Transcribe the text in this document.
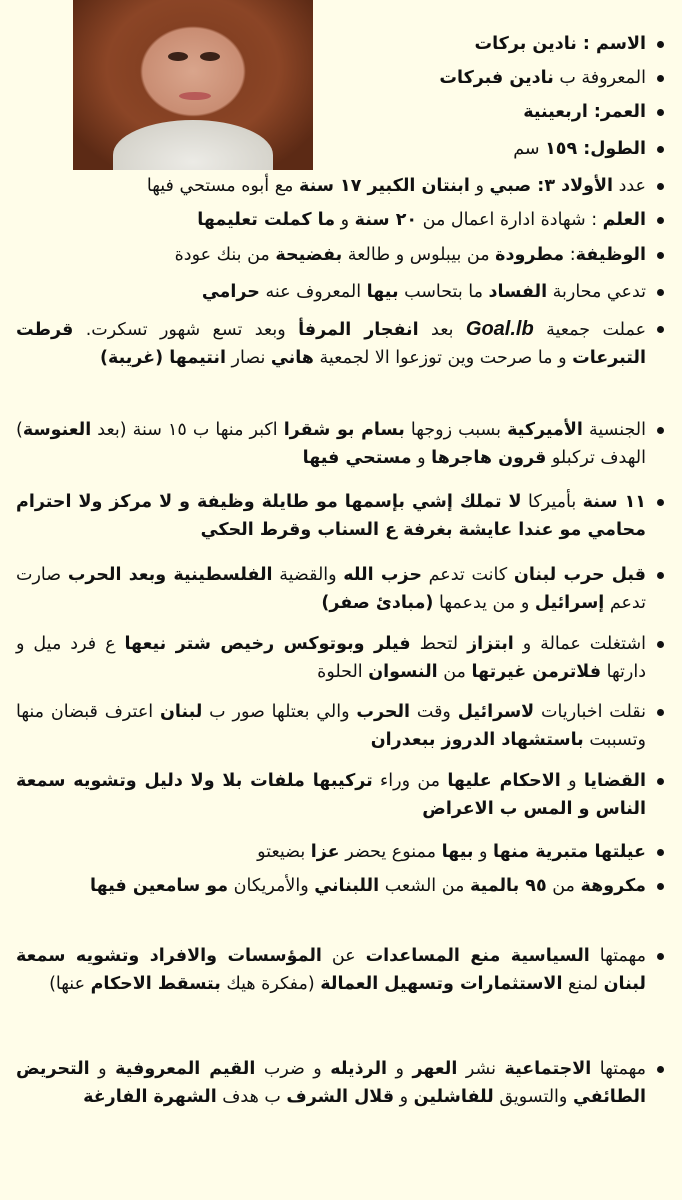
الاسم : نادين بركات
المعروفة ب نادين فبركات
العمر: اربعينية
الطول: ١٥٩ سم
عدد الأولاد ٣: صبي و ابنتان الكبير ١٧ سنة مع أبوه مستحي فيها
العلم : شهادة ادارة اعمال من ٢٠ سنة و ما كملت تعليمها
الوظيفة: مطرودة من بيبلوس و طالعة بفضيحة من بنك عودة
تدعي محاربة الفساد ما بتحاسب بيها المعروف عنه حرامي
عملت جمعية Goal.lb بعد انفجار المرفأ وبعد تسع شهور تسكرت. قرطت التبرعات و ما صرحت وين توزعوا الا لجمعية هاني نصار انتيمها (غريبة)
الجنسية الأميركية بسبب زوجها بسام بو شقرا اكبر منها ب ١٥ سنة (بعد العنوسة) الهدف تركبلو قرون هاجرها و مستحي فيها
١١ سنة بأميركا لا تملك إشي بإسمها مو طايلة وظيفة و لا مركز ولا احترام محامي مو عندا عايشة بغرفة ع السناب وقرط الحكي
قبل حرب لبنان كانت تدعم حزب الله والقضية الفلسطينية وبعد الحرب صارت تدعم إسرائيل و من يدعمها (مبادئ صفر)
اشتغلت عمالة و ابتزاز لتحط فيلر وبوتوكس رخيص شتر نيعها ع فرد ميل و دارتها فلاترمن غيرتها من النسوان الحلوة
نقلت اخباريات لاسرائيل وقت الحرب والي بعتلها صور ب لبنان اعترف قبضان منها وتسببت باستشهاد الدروز ببعدران
القضايا و الاحكام عليها من وراء تركيبها ملفات بلا ولا دليل وتشويه سمعة الناس و المس ب الاعراض
عيلتها متبرية منها و بيها ممنوع يحضر عزا بضيعتو
مكروهة من ٩٥ بالمية من الشعب اللبناني والأمريكان مو سامعين فيها
مهمتها السياسية منع المساعدات عن المؤسسات والافراد وتشويه سمعة لبنان لمنع الاستثمارات وتسهيل العمالة (مفكرة هيك بتسقط الاحكام عنها)
مهمتها الاجتماعية نشر العهر و الرذيله و ضرب القيم المعروفية و التحريض الطائفي والتسويق للفاشلين و قلال الشرف ب هدف الشهرة الفارغة
